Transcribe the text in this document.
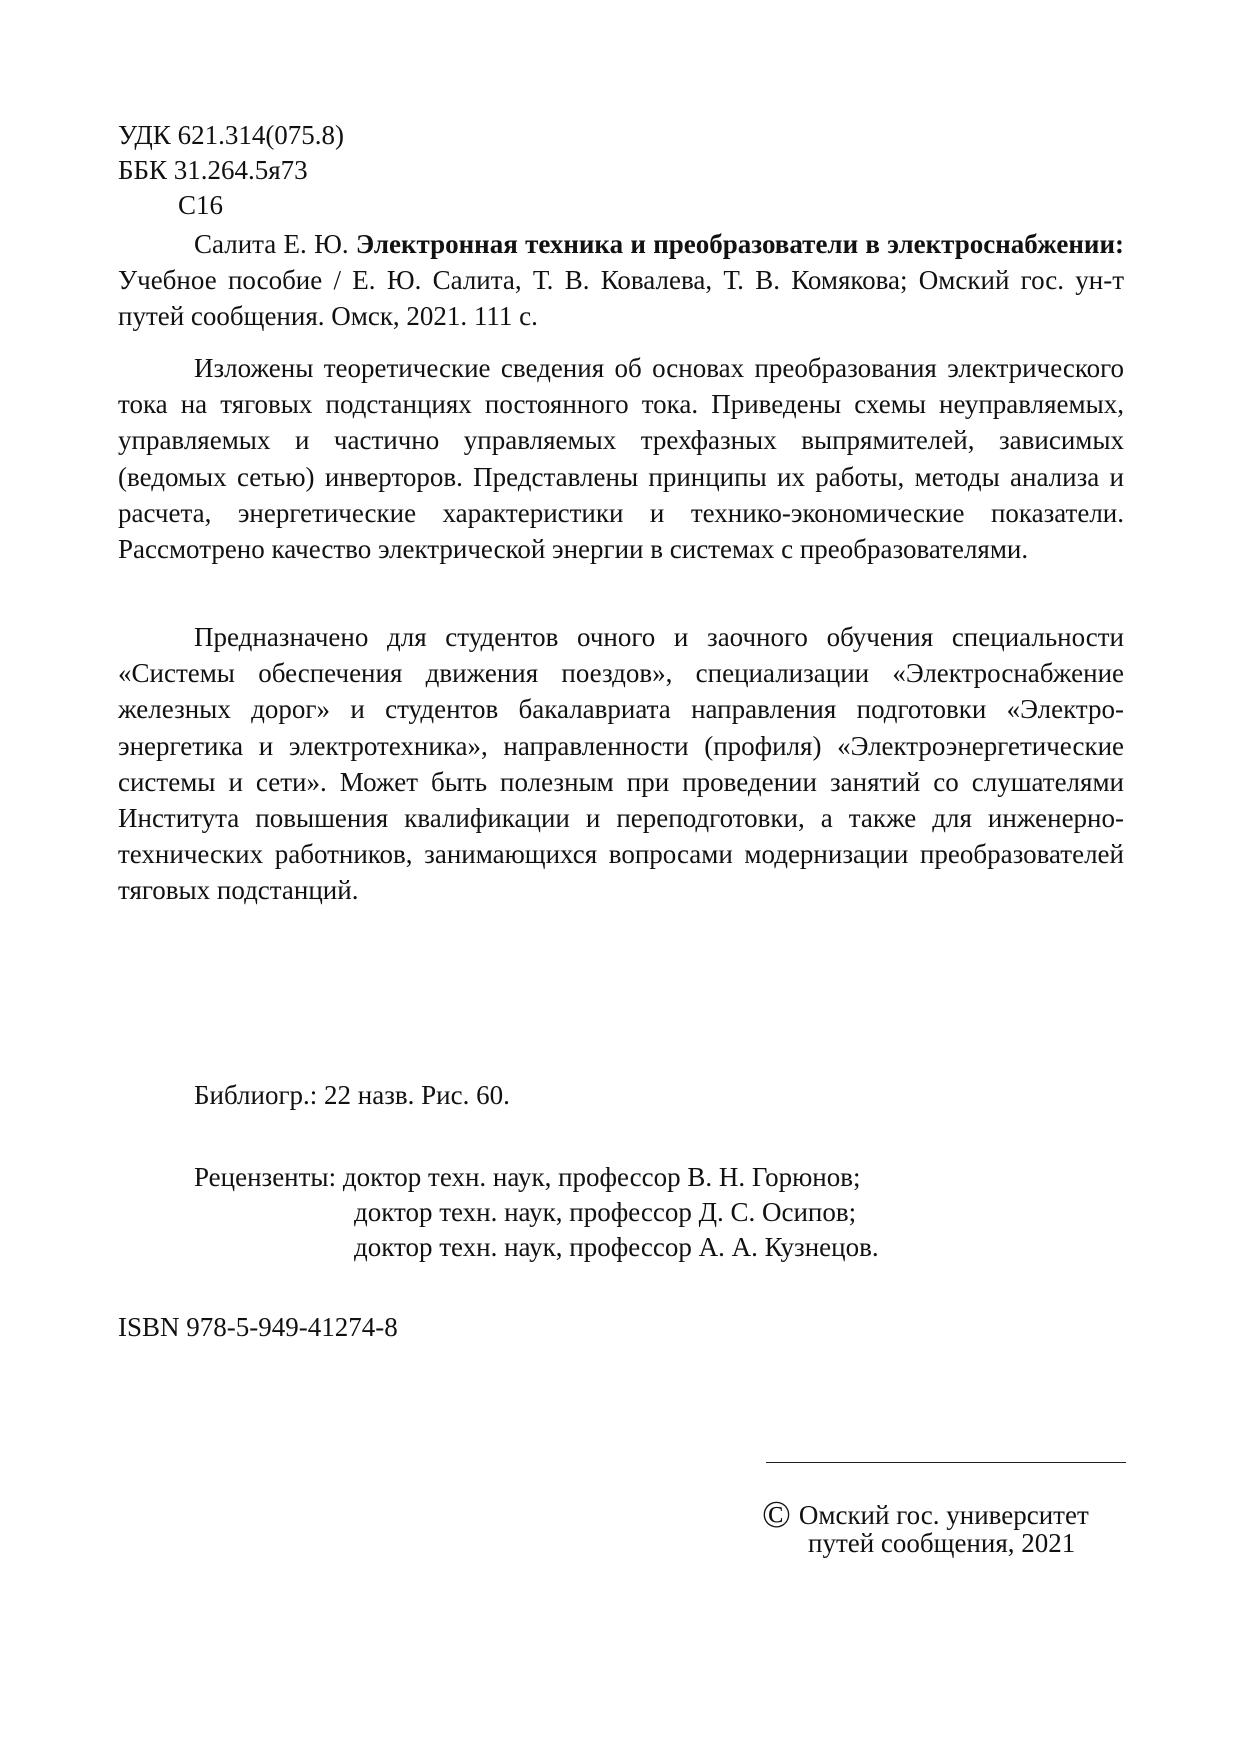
УДК 621.314(075.8)
ББК 31.264.5я73
С16

Салита Е. Ю. Электронная техника и преобразователи в электроснабжении: Учебное пособие / Е. Ю. Салита, Т. В. Ковалева, Т. В. Комякова; Омский гос. ун-т путей сообщения. Омск, 2021. 111 с.

Изложены теоретические сведения об основах преобразования электрического тока на тяговых подстанциях постоянного тока. Приведены схемы неуправляемых, управляемых и частично управляемых трехфазных выпрямителей, зависимых (ведомых сетью) инверторов. Представлены принципы их работы, методы анализа и расчета, энергетические характеристики и технико-экономические показатели. Рассмотрено качество электрической энергии в системах с преобразователями.

Предназначено для студентов очного и заочного обучения специальности «Системы обеспечения движения поездов», специализации «Электроснабжение железных дорог» и студентов бакалавриата направления подготовки «Электроэнергетика и электротехника», направленности (профиля) «Электроэнергетические системы и сети». Может быть полезным при проведении занятий со слушателями Института повышения квалификации и переподготовки, а также для инженерно-технических работников, занимающихся вопросами модернизации преобразователей тяговых подстанций.

Библиогр.: 22 назв. Рис. 60.
Рецензенты: доктор техн. наук, профессор В. Н. Горюнов;
доктор техн. наук, профессор Д. С. Осипов;
доктор техн. наук, профессор А. А. Кузнецов.
ISBN 978-5-949-41274-8
© Омский гос. университет
путей сообщения, 2021
